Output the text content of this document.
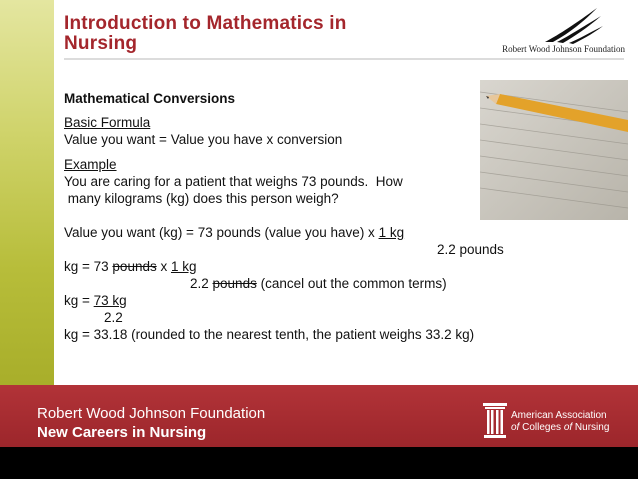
Introduction to Mathematics in
Nursing	Robert Wood Johnson Foundation
Mathematical Conversions
Basic Formula
Value you want = Value you have x conversion
Example
You are caring for a patient that weighs 73 pounds.  How
many kilograms (kg) does this person weigh?
Value you want (kg) = 73 pounds (value you have) x 1 kg
2.2 pounds
kg = 73 pounds x 1 kg
2.2 pounds (cancel out the common terms)
kg = 73 kg
2.2
kg = 33.18 (rounded to the nearest tenth, the patient weighs 33.2 kg)
Robert Wood Johnson Foundation
New Careers in Nursing
American Association
of Colleges of Nursing
